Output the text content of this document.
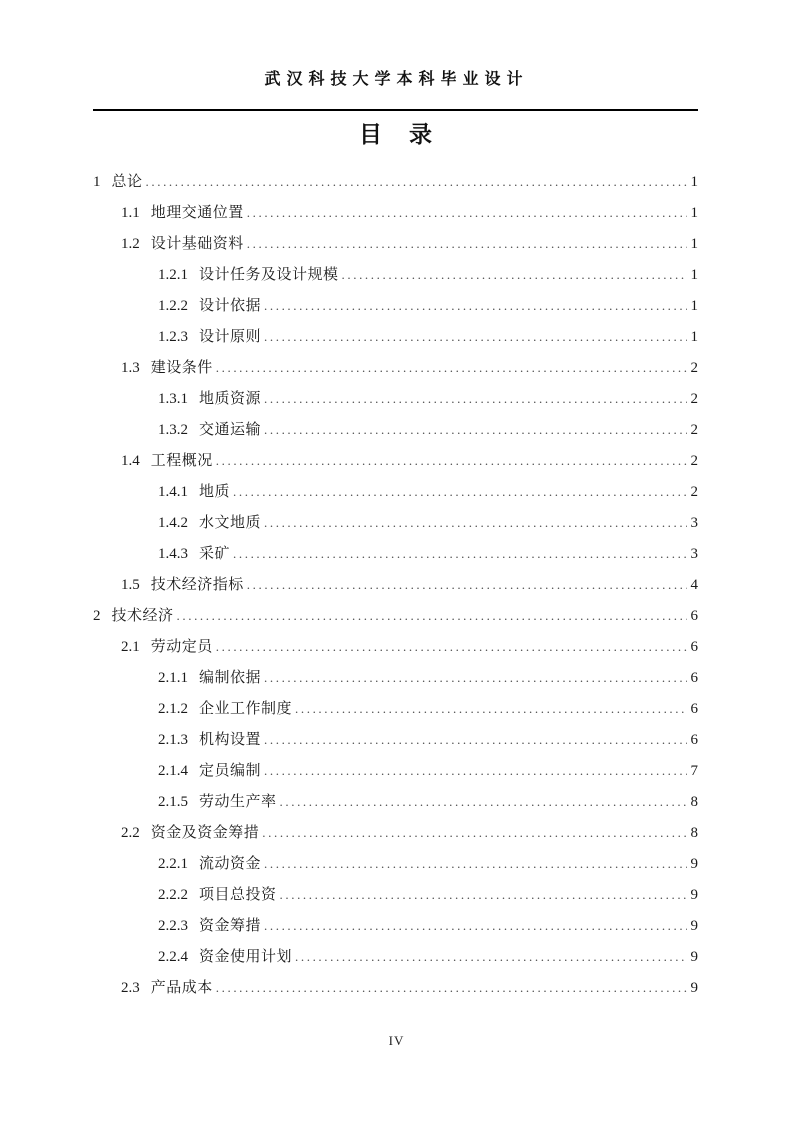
武汉科技大学本科毕业设计
目　录
1 总论 .....	1
1.1 地理交通位置 .....	1
1.2 设计基础资料 .....	1
1.2.1 设计任务及设计规模 .....	1
1.2.2 设计依据 .....	1
1.2.3 设计原则 .....	1
1.3 建设条件 .....	2
1.3.1 地质资源 .....	2
1.3.2 交通运输 .....	2
1.4 工程概况 .....	2
1.4.1 地质 .....	2
1.4.2 水文地质 .....	3
1.4.3 采矿 .....	3
1.5 技术经济指标 .....	4
2 技术经济 .....	6
2.1 劳动定员 .....	6
2.1.1 编制依据 .....	6
2.1.2 企业工作制度 .....	6
2.1.3 机构设置 .....	6
2.1.4 定员编制 .....	7
2.1.5 劳动生产率 .....	8
2.2 资金及资金筹措 .....	8
2.2.1 流动资金 .....	9
2.2.2 项目总投资 .....	9
2.2.3 资金筹措 .....	9
2.2.4 资金使用计划 .....	9
2.3 产品成本 .....	9
IV
